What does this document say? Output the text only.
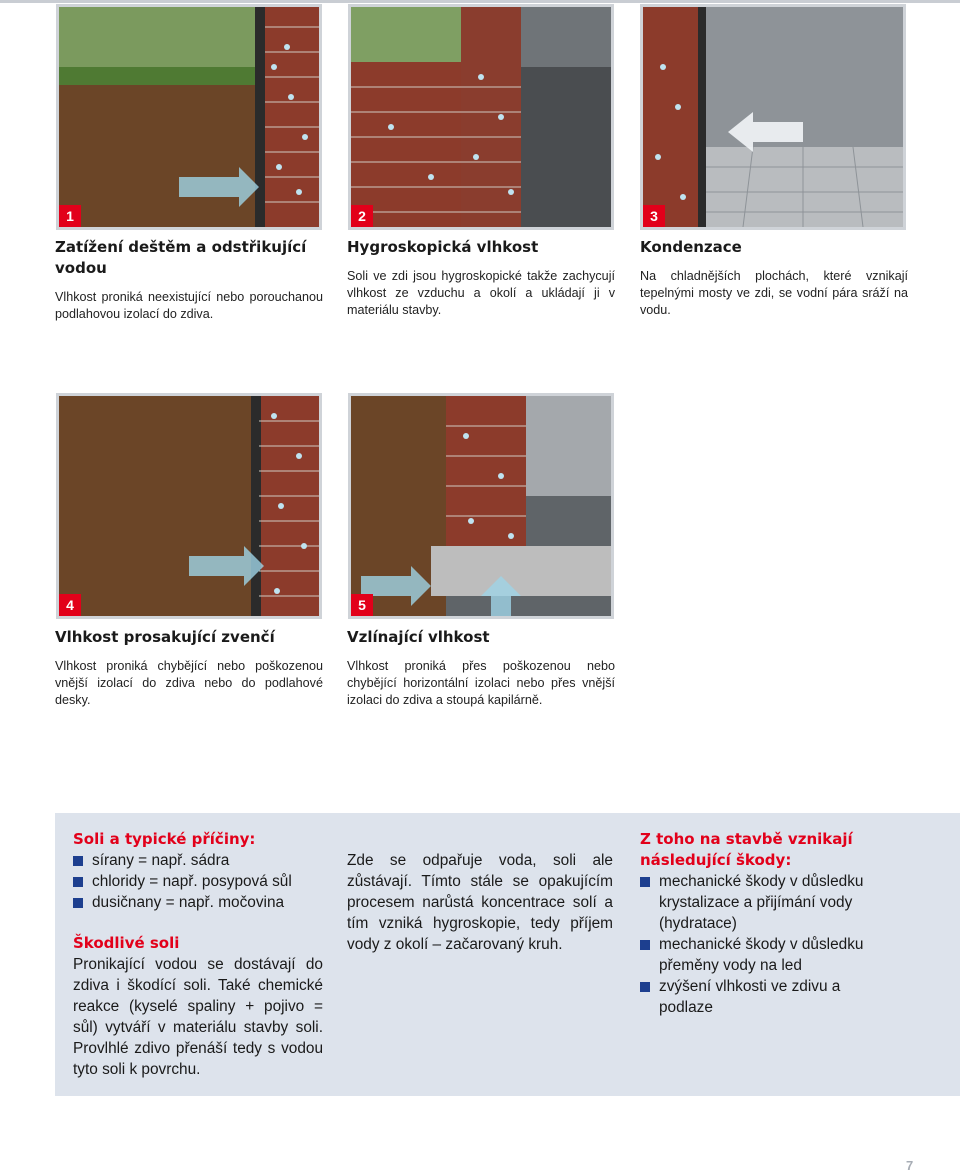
1
Zatížení deštěm a odstřikující vodou

Vlhkost proniká neexistující nebo porouchanou podlahovou izolací do zdiva.

2
Hygroskopická vlhkost

Soli ve zdi jsou hygroskopické takže zachycují vlhkost ze vzduchu a okolí a ukládají ji v materiálu stavby.

3
Kondenzace

Na chladnějších plochách, které vznikají tepelnými mosty ve zdi, se vodní pára sráží na vodu.

4
Vlhkost prosakující zvenčí

Vlhkost proniká chybějící nebo poškozenou vnější izolací do zdiva nebo do podlahové desky.

5
Vzlínající vlhkost

Vlhkost proniká přes poškozenou nebo chybějící horizontální izolaci nebo přes vnější izolaci do zdiva a stoupá kapilárně.

Soli a typické příčiny:
sírany = např. sádra
chloridy = např. posypová sůl
dusičnany = např. močovina
Škodlivé soli

Pronikající vodou se dostávají do zdiva i škodící soli. Také chemické reakce (kyselé spaliny + pojivo = sůl) vytváří v materiálu stavby soli. Provlhlé zdivo přenáší tedy s vodou tyto soli k povrchu.

Zde se odpařuje voda, soli ale zůstávají. Tímto stále se opakujícím procesem narůstá koncentrace solí a tím vzniká hygroskopie, tedy příjem vody z okolí – začarovaný kruh.

Z toho na stavbě vznikají následující škody:
mechanické škody v důsledku krystalizace a přijímání vody (hydratace)
mechanické škody v důsledku přeměny vody na led
zvýšení vlhkosti ve zdivu a podlaze
7
